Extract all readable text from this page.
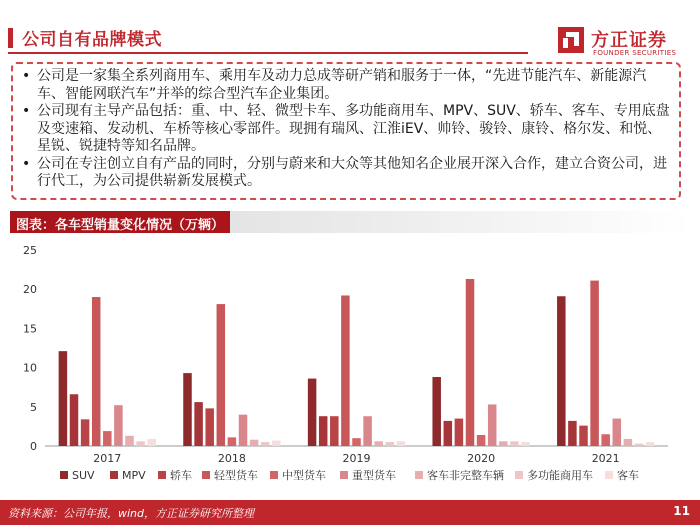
公司自有品牌模式	方正证券
FOUNDER SECURITIES
• 公司是一家集全系列商用车、乘用车及动力总成等研产销和服务于一体，“先进节能汽车、新能源汽车、智能网联汽车”并举的综合型汽车企业集团。
• 公司现有主导产品包括：重、中、轻、微型卡车、多功能商用车、MPV、SUV、轿车、客车、专用底盘及变速箱、发动机、车桥等核心零部件。现拥有瑞风、江淮iEV、帅铃、骏铃、康铃、格尔发、和悦、星锐、锐捷特等知名品牌。
• 公司在专注创立自有产品的同时，分别与蔚来和大众等其他知名企业展开深入合作，建立合资公司，进行代工，为公司提供崭新发展模式。
图表：各车型销量变化情况（万辆）
0
5
10
15
20
25
2017	2018	2019	2020	2021
SUV MPV 轿车 轻型货车 中型货车 重型货车	客车非完整车辆 多功能商用车 客车
资料来源：公司年报，wind，方正证券研究所整理	11
